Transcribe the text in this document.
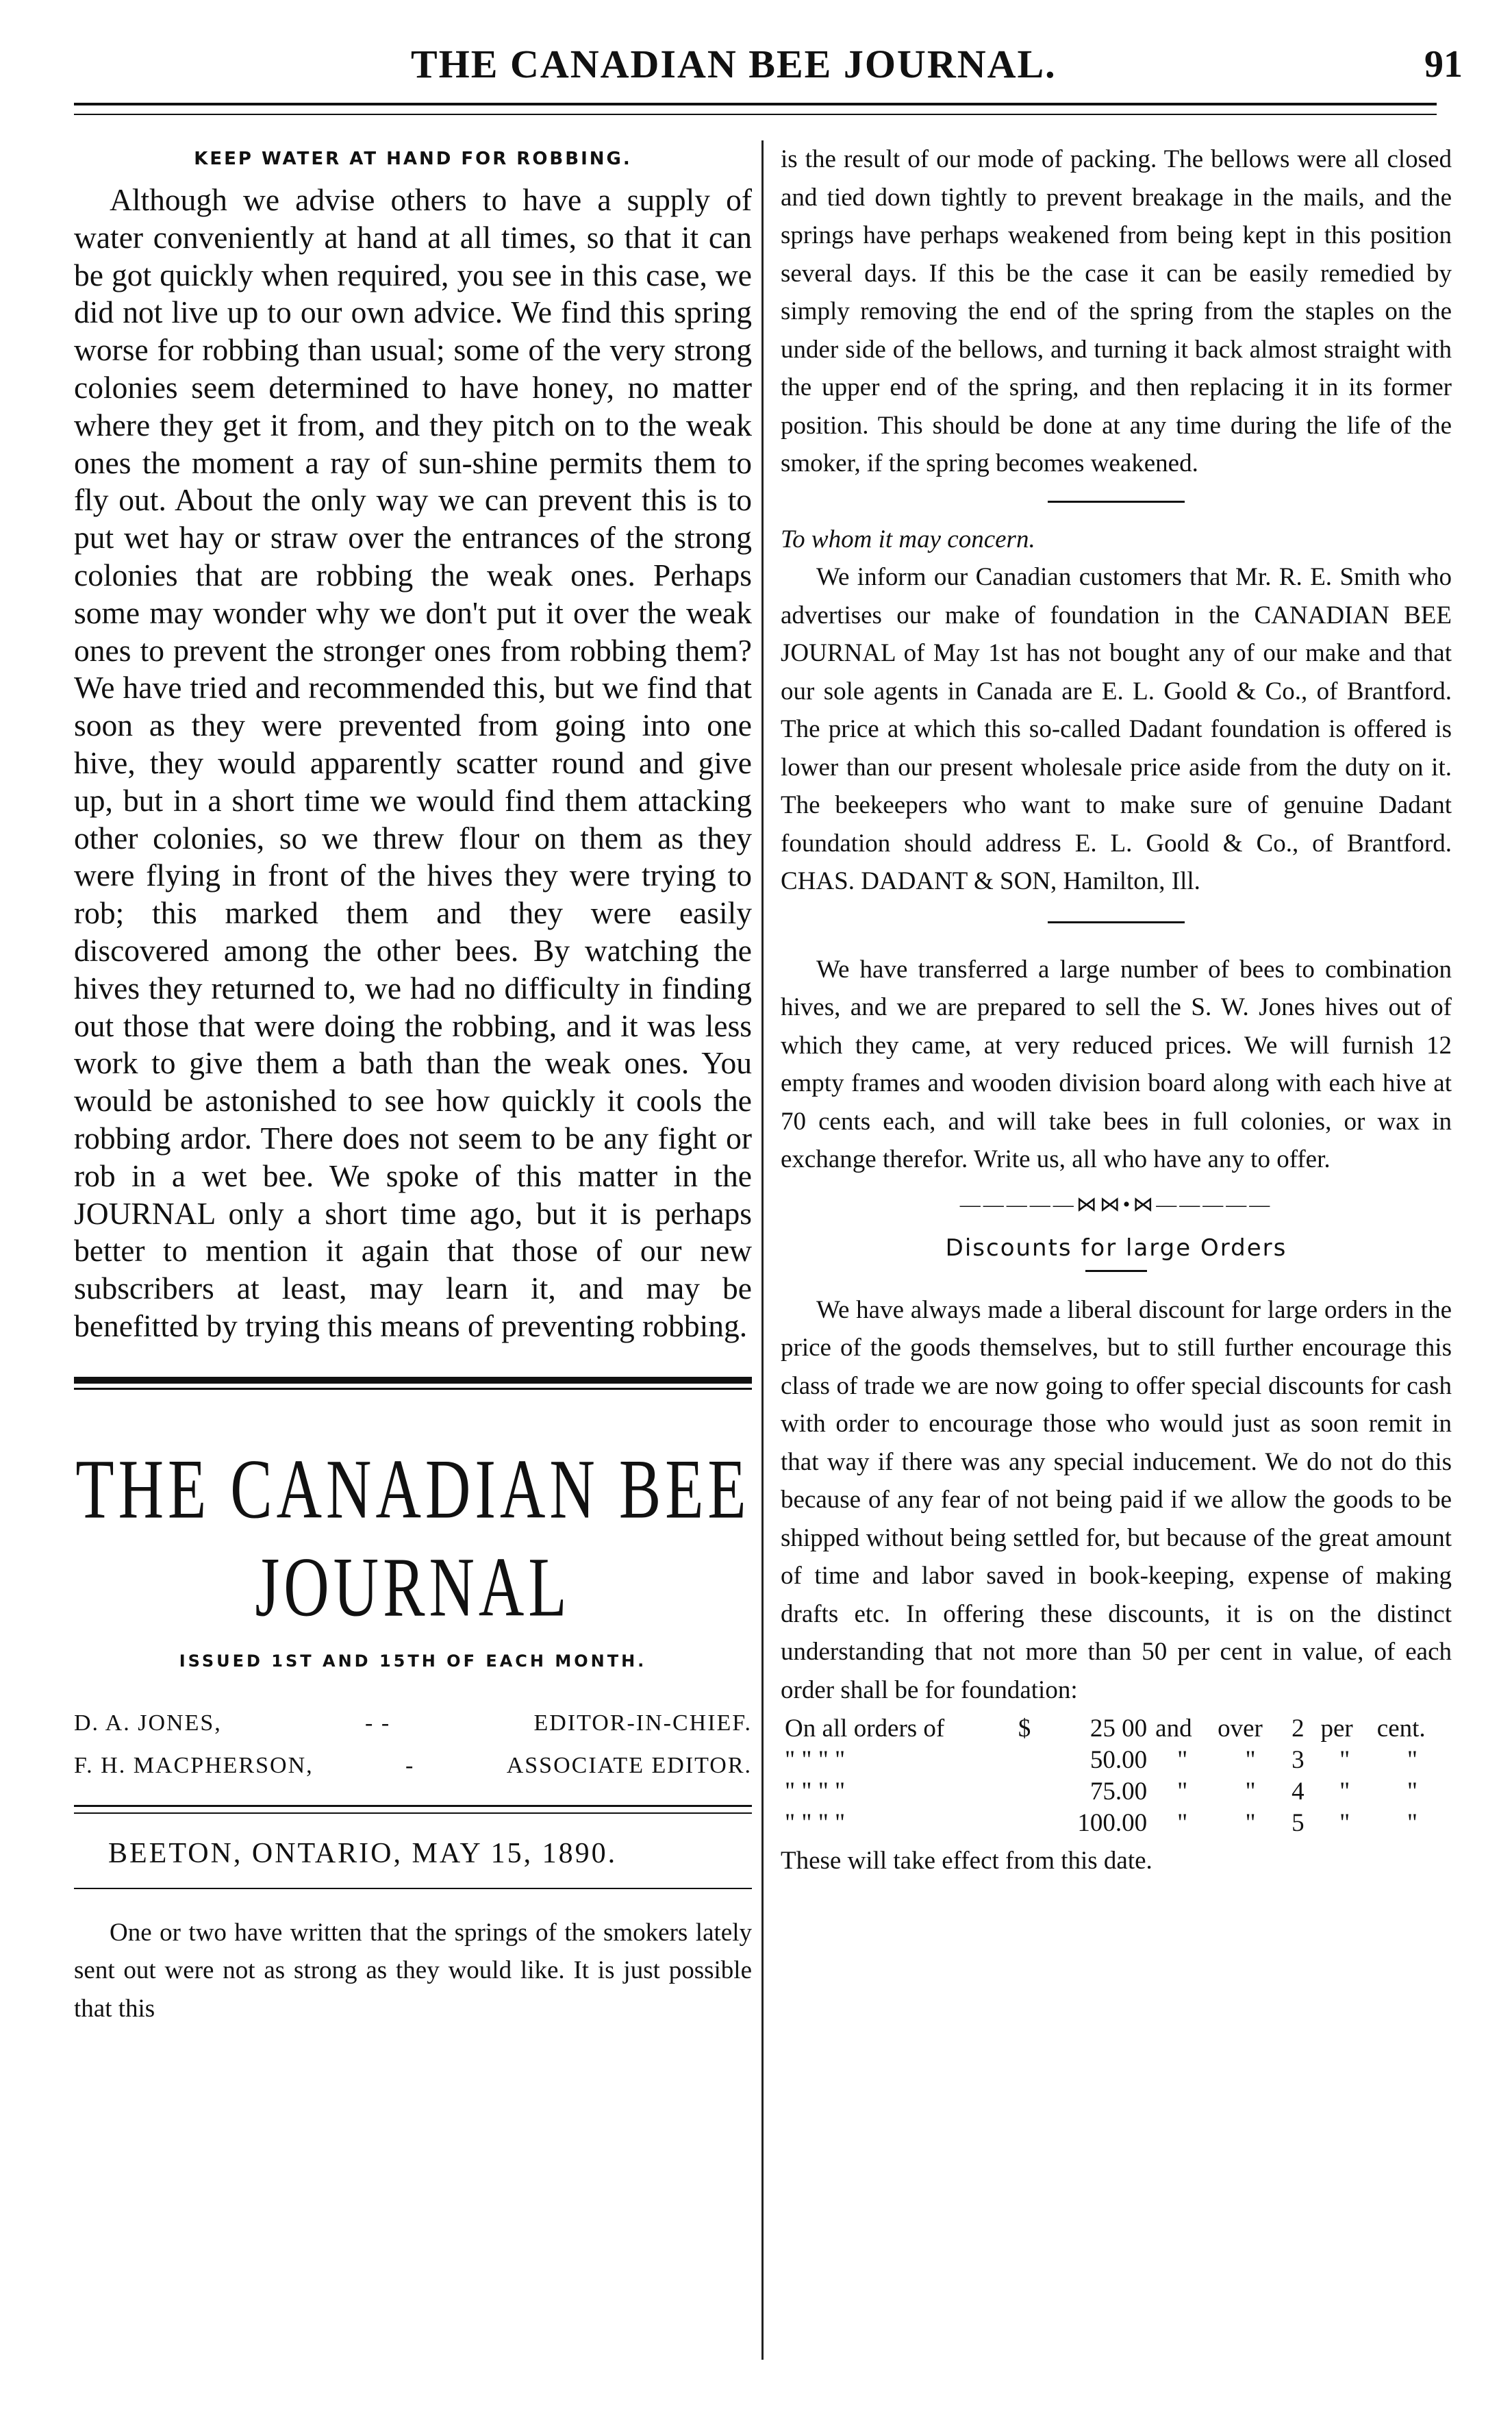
THE CANADIAN BEE JOURNAL.	91
KEEP WATER AT HAND FOR ROBBING.

Although we advise others to have a supply of water conveniently at hand at all times, so that it can be got quickly when required, you see in this case, we did not live up to our own advice. We find this spring worse for robbing than usual; some of the very strong colonies seem determined to have honey, no matter where they get it from, and they pitch on to the weak ones the moment a ray of sun-shine permits them to fly out. About the only way we can prevent this is to put wet hay or straw over the entrances of the strong colonies that are robbing the weak ones. Perhaps some may wonder why we don't put it over the weak ones to prevent the stronger ones from robbing them? We have tried and recommended this, but we find that soon as they were prevented from going into one hive, they would apparently scatter round and give up, but in a short time we would find them attacking other colonies, so we threw flour on them as they were flying in front of the hives they were trying to rob; this marked them and they were easily discovered among the other bees. By watching the hives they returned to, we had no difficulty in finding out those that were doing the robbing, and it was less work to give them a bath than the weak ones. You would be astonished to see how quickly it cools the robbing ardor. There does not seem to be any fight or rob in a wet bee. We spoke of this matter in the JOURNAL only a short time ago, but it is perhaps better to mention it again that those of our new subscribers at least, may learn it, and may be benefitted by trying this means of preventing robbing.

THE CANADIAN BEE JOURNAL
ISSUED 1ST AND 15TH OF EACH MONTH.
D. A. JONES,	- -	EDITOR-IN-CHIEF.
F. H. MACPHERSON,	-	ASSOCIATE EDITOR.
BEETON, ONTARIO, MAY 15, 1890.

One or two have written that the springs of the smokers lately sent out were not as strong as they would like. It is just possible that this

is the result of our mode of packing. The bellows were all closed and tied down tightly to prevent breakage in the mails, and the springs have perhaps weakened from being kept in this position several days. If this be the case it can be easily remedied by simply removing the end of the spring from the staples on the under side of the bellows, and turning it back almost straight with the upper end of the spring, and then replacing it in its former position. This should be done at any time during the life of the smoker, if the spring becomes weakened.

To whom it may concern.

We inform our Canadian customers that Mr. R. E. Smith who advertises our make of foundation in the CANADIAN BEE JOURNAL of May 1st has not bought any of our make and that our sole agents in Canada are E. L. Goold & Co., of Brantford. The price at which this so-called Dadant foundation is offered is lower than our present wholesale price aside from the duty on it. The beekeepers who want to make sure of genuine Dadant foundation should address E. L. Goold & Co., of Brantford. CHAS. DADANT & SON, Hamilton, Ill.

We have transferred a large number of bees to combination hives, and we are prepared to sell the S. W. Jones hives out of which they came, at very reduced prices. We will furnish 12 empty frames and wooden division board along with each hive at 70 cents each, and will take bees in full colonies, or wax in exchange therefor. Write us, all who have any to offer.

—————⋈⋈•⋈—————
Discounts for large Orders

We have always made a liberal discount for large orders in the price of the goods themselves, but to still further encourage this class of trade we are now going to offer special discounts for cash with order to encourage those who would just as soon remit in that way if there was any special inducement. We do not do this because of any fear of not being paid if we allow the goods to be shipped without being settled for, but because of the great amount of time and labor saved in book-keeping, expense of making drafts etc. In offering these discounts, it is on the distinct understanding that not more than 50 per cent in value, of each order shall be for foundation:

On all orders of	$	25 00	and	over	2	per	cent.
" " " "		50.00	"	"	3	"	"
" " " "		75.00	"	"	4	"	"
" " " "		100.00	"	"	5	"	"

These will take effect from this date.
